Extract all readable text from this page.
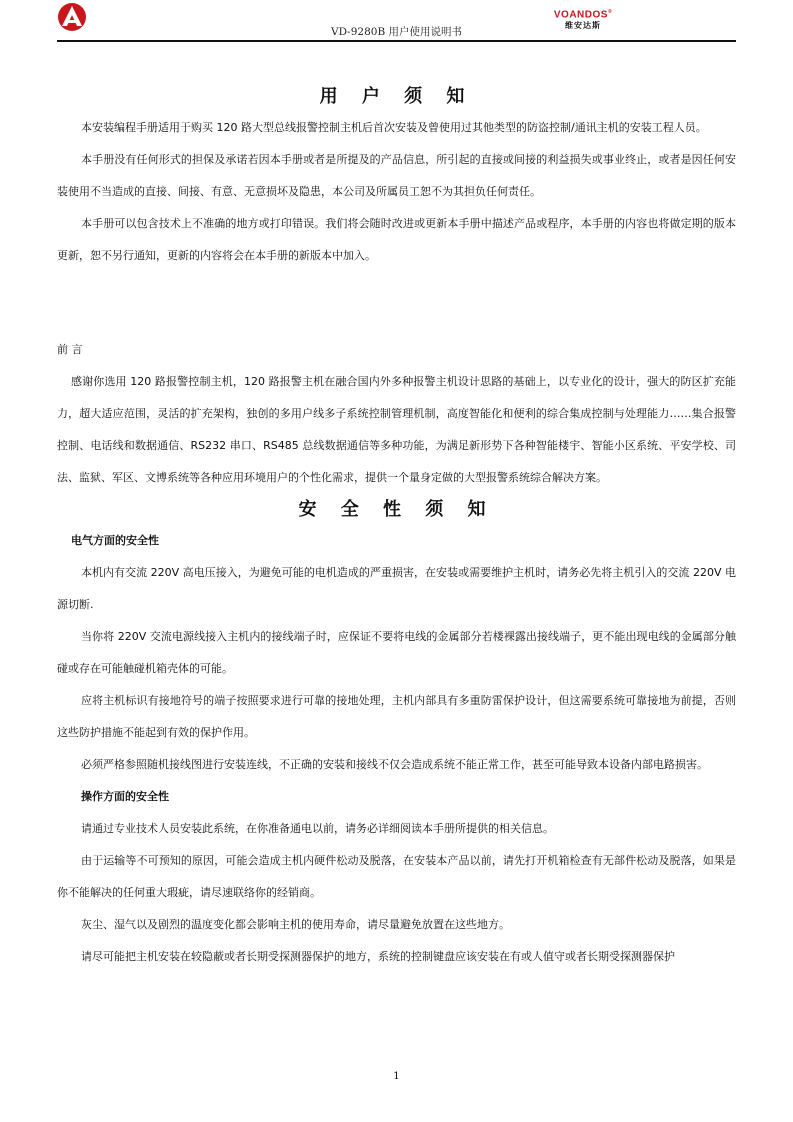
VD-9280B 用户使用说明书
VOANDOS®
维安达斯
用 户 须 知

本安装编程手册适用于购买 120 路大型总线报警控制主机后首次安装及曾使用过其他类型的防盗控制/通讯主机的安装工程人员。

本手册没有任何形式的担保及承诺若因本手册或者是所提及的产品信息，所引起的直接或间接的利益损失或事业终止，或者是因任何安装使用不当造成的直接、间接、有意、无意损坏及隐患，本公司及所属员工恕不为其担负任何责任。

本手册可以包含技术上不准确的地方或打印错误。我们将会随时改进或更新本手册中描述产品或程序，本手册的内容也将做定期的版本更新，恕不另行通知，更新的内容将会在本手册的新版本中加入。

前 言

感谢你选用 120 路报警控制主机，120 路报警主机在融合国内外多种报警主机设计思路的基础上，以专业化的设计，强大的防区扩充能力，超大适应范围，灵活的扩充架构，独创的多用户线多子系统控制管理机制，高度智能化和便利的综合集成控制与处理能力……集合报警控制、电话线和数据通信、RS232 串口、RS485 总线数据通信等多种功能，为满足新形势下各种智能楼宇、智能小区系统、平安学校、司法、监狱、军区、文博系统等各种应用环境用户的个性化需求，提供一个量身定做的大型报警系统综合解决方案。

安 全 性 须 知

电气方面的安全性

本机内有交流 220V 高电压接入，为避免可能的电机造成的严重损害，在安装或需要维护主机时，请务必先将主机引入的交流 220V 电源切断.

当你将 220V 交流电源线接入主机内的接线端子时，应保证不要将电线的金属部分若楼裸露出接线端子，更不能出现电线的金属部分触碰或存在可能触碰机箱壳体的可能。

应将主机标识有接地符号的端子按照要求进行可靠的接地处理，主机内部具有多重防雷保护设计，但这需要系统可靠接地为前提，否则这些防护措施不能起到有效的保护作用。

必须严格参照随机接线图进行安装连线，不正确的安装和接线不仅会造成系统不能正常工作，甚至可能导致本设备内部电路损害。

操作方面的安全性

请通过专业技术人员安装此系统，在你准备通电以前，请务必详细阅读本手册所提供的相关信息。

由于运输等不可预知的原因，可能会造成主机内硬件松动及脱落，在安装本产品以前，请先打开机箱检查有无部件松动及脱落，如果是你不能解决的任何重大瑕疵，请尽速联络你的经销商。

灰尘、湿气以及剧烈的温度变化都会影响主机的使用寿命，请尽量避免放置在这些地方。

请尽可能把主机安装在较隐蔽或者长期受探测器保护的地方，系统的控制键盘应该安装在有或人值守或者长期受探测器保护

1
